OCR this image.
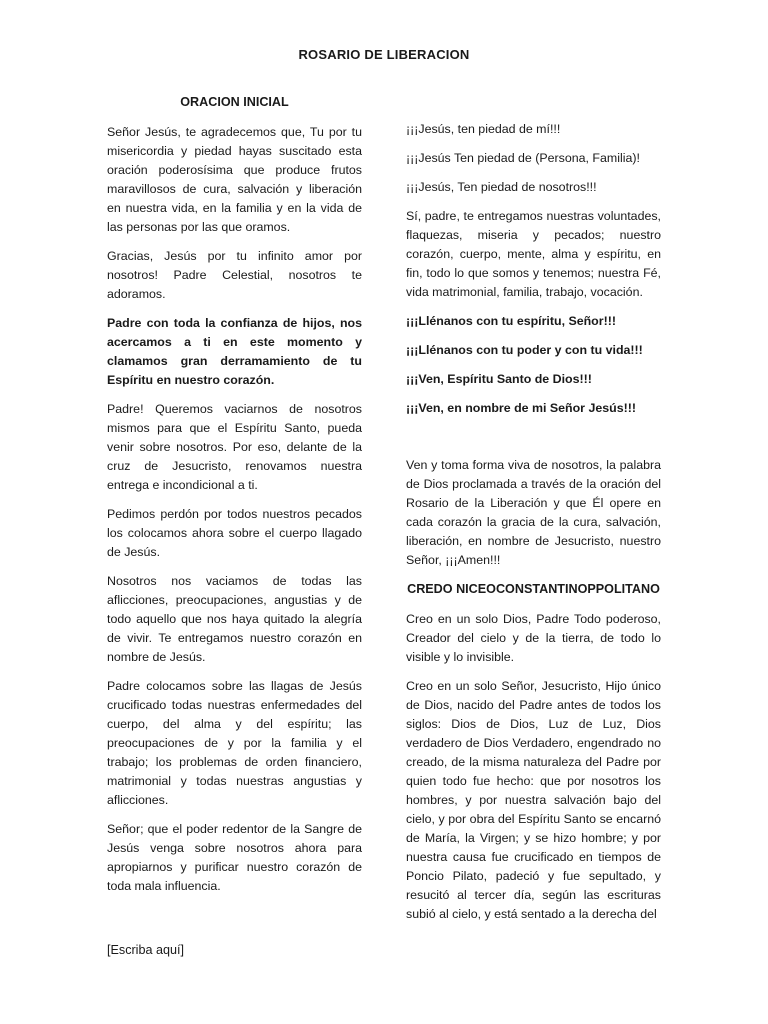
ROSARIO DE LIBERACION
ORACION INICIAL

Señor Jesús, te agradecemos que, Tu por tu misericordia y piedad hayas suscitado esta oración poderosísima que produce frutos maravillosos de cura, salvación y liberación en nuestra vida, en la familia y en la vida de las personas por las que oramos.

Gracias, Jesús por tu infinito amor por nosotros! Padre Celestial, nosotros te adoramos.

Padre con toda la confianza de hijos, nos acercamos a ti en este momento y clamamos gran derramamiento de tu Espíritu en nuestro corazón.

Padre! Queremos vaciarnos de nosotros mismos para que el Espíritu Santo, pueda venir sobre nosotros. Por eso, delante de la cruz de Jesucristo, renovamos nuestra entrega e incondicional a ti.

Pedimos perdón por todos nuestros pecados los colocamos ahora sobre el cuerpo llagado de Jesús.

Nosotros nos vaciamos de todas las aflicciones, preocupaciones, angustias y de todo aquello que nos haya quitado la alegría de vivir. Te entregamos nuestro corazón en nombre de Jesús.

Padre colocamos sobre las llagas de Jesús crucificado todas nuestras enfermedades del cuerpo, del alma y del espíritu; las preocupaciones de y por la familia y el trabajo; los problemas de orden financiero, matrimonial y todas nuestras angustias y aflicciones.

Señor; que el poder redentor de la Sangre de Jesús venga sobre nosotros ahora para apropiarnos y purificar nuestro corazón de toda mala influencia.

¡¡¡Jesús, ten piedad de mí!!!

¡¡¡Jesús Ten piedad de (Persona, Familia)!

¡¡¡Jesús, Ten piedad de nosotros!!!

Sí, padre, te entregamos nuestras voluntades, flaquezas, miseria y pecados; nuestro corazón, cuerpo, mente, alma y espíritu, en fin, todo lo que somos y tenemos; nuestra Fé, vida matrimonial, familia, trabajo, vocación.

¡¡¡Llénanos con tu espíritu, Señor!!!

¡¡¡Llénanos con tu poder y con tu vida!!!

¡¡¡Ven, Espíritu Santo de Dios!!!

¡¡¡Ven, en nombre de mi Señor Jesús!!!

Ven y toma forma viva de nosotros, la palabra de Dios proclamada a través de la oración del Rosario de la Liberación y que Él opere en cada corazón la gracia de la cura, salvación, liberación, en nombre de Jesucristo, nuestro Señor, ¡¡¡Amen!!!

CREDO NICEOCONSTANTINOPPOLITANO

Creo en un solo Dios, Padre Todo poderoso, Creador del cielo y de la tierra, de todo lo visible y lo invisible.

Creo en un solo Señor, Jesucristo, Hijo único de Dios, nacido del Padre antes de todos los siglos: Dios de Dios, Luz de Luz, Dios verdadero de Dios Verdadero, engendrado no creado, de la misma naturaleza del Padre por quien todo fue hecho: que por nosotros los hombres, y por nuestra salvación bajo del cielo, y por obra del Espíritu Santo se encarnó de María, la Virgen; y se hizo hombre; y por nuestra causa fue crucificado en tiempos de Poncio Pilato, padeció y fue sepultado, y resucitó al tercer día, según las escrituras subió al cielo, y está sentado a la derecha del

[Escriba aquí]
